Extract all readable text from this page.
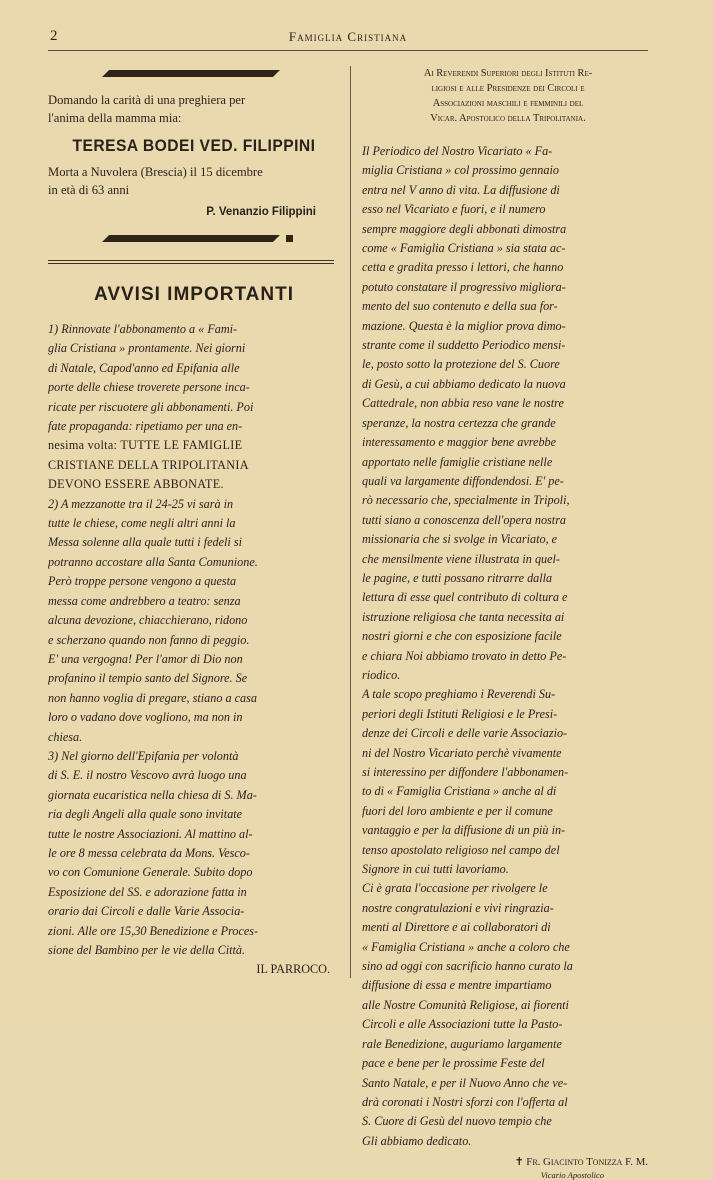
2	Famiglia Cristiana
Domando la carità di una preghiera per
l'anima della mamma mia:
TERESA BODEI VED. FILIPPINI
Morta a Nuvolera (Brescia) il 15 dicembre
in età di 63 anni
P. Venanzio Filippini
AVVISI IMPORTANTI
1) Rinnovate l'abbonamento a « Fami-
glia Cristiana » prontamente. Nei giorni
di Natale, Capod'anno ed Epifania alle
porte delle chiese troverete persone inca-
ricate per riscuotere gli abbonamenti. Poi
fate propaganda: ripetiamo per una en-
nesima volta: TUTTE LE FAMIGLIE
CRISTIANE DELLA TRIPOLITANIA
DEVONO ESSERE ABBONATE.
2) A mezzanotte tra il 24-25 vi sarà in
tutte le chiese, come negli altri anni la
Messa solenne alla quale tutti i fedeli si
potranno accostare alla Santa Comunione.
Però troppe persone vengono a questa
messa come andrebbero a teatro: senza
alcuna devozione, chiacchierano, ridono
e scherzano quando non fanno di peggio.
E' una vergogna! Per l'amor di Dio non
profanino il tempio santo del Signore. Se
non hanno voglia di pregare, stiano a casa
loro o vadano dove vogliono, ma non in
chiesa.
3) Nel giorno dell'Epifania per volontà
di S. E. il nostro Vescovo avrà luogo una
giornata eucaristica nella chiesa di S. Ma-
ria degli Angeli alla quale sono invitate
tutte le nostre Associazioni. Al mattino al-
le ore 8 messa celebrata da Mons. Vesco-
vo con Comunione Generale. Subito dopo
Esposizione del SS. e adorazione fatta in
orario dai Circoli e dalle Varie Associa-
zioni. Alle ore 15,30 Benedizione e Proces-
sione del Bambino per le vie della Città.
IL PARROCO.
Ai Reverendi Superiori degli Istituti Re-
ligiosi e alle Presidenze dei Circoli e
Associazioni maschili e femminili del
Vicar. Apostolico della Tripolitania.
Il Periodico del Nostro Vicariato « Fa-
miglia Cristiana » col prossimo gennaio
entra nel V anno di vita. La diffusione di
esso nel Vicariato e fuori, e il numero
sempre maggiore degli abbonati dimostra
come « Famiglia Cristiana » sia stata ac-
cetta e gradita presso i lettori, che hanno
potuto constatare il progressivo migliora-
mento del suo contenuto e della sua for-
mazione. Questa è la miglior prova dimo-
strante come il suddetto Periodico mensi-
le, posto sotto la protezione del S. Cuore
di Gesù, a cui abbiamo dedicato la nuova
Cattedrale, non abbia reso vane le nostre
speranze, la nostra certezza che grande
interessamento e maggior bene avrebbe
apportato nelle famiglie cristiane nelle
quali va largamente diffondendosi. E' pe-
rò necessario che, specialmente in Tripoli,
tutti siano a conoscenza dell'opera nostra
missionaria che si svolge in Vicariato, e
che mensilmente viene illustrata in quel-
le pagine, e tutti possano ritrarre dalla
lettura di esse quel contributo di coltura e
istruzione religiosa che tanta necessita ai
nostri giorni e che con esposizione facile
e chiara Noi abbiamo trovato in detto Pe-
riodico.
A tale scopo preghiamo i Reverendi Su-
periori degli Istituti Religiosi e le Presi-
denze dei Circoli e delle varie Associazio-
ni del Nostro Vicariato perchè vivamente
si interessino per diffondere l'abbonamen-
to di « Famiglia Cristiana » anche al di
fuori del loro ambiente e per il comune
vantaggio e per la diffusione di un più in-
tenso apostolato religioso nel campo del
Signore in cui tutti lavoriamo.
Ci è grata l'occasione per rivolgere le
nostre congratulazioni e vivi ringrazia-
menti al Direttore e ai collaboratori di
« Famiglia Cristiana » anche a coloro che
sino ad oggi con sacrificio hanno curato la
diffusione di essa e mentre impartiamo
alle Nostre Comunità Religiose, ai fiorenti
Circoli e alle Associazioni tutte la Pasto-
rale Benedizione, auguriamo largamente
pace e bene per le prossime Feste del
Santo Natale, e per il Nuovo Anno che ve-
drà coronati i Nostri sforzi con l'offerta al
S. Cuore di Gesù del nuovo tempio che
Gli abbiamo dedicato.
✝ Fr. Giacinto Tonizza F. M.
Vicario Apostolico
